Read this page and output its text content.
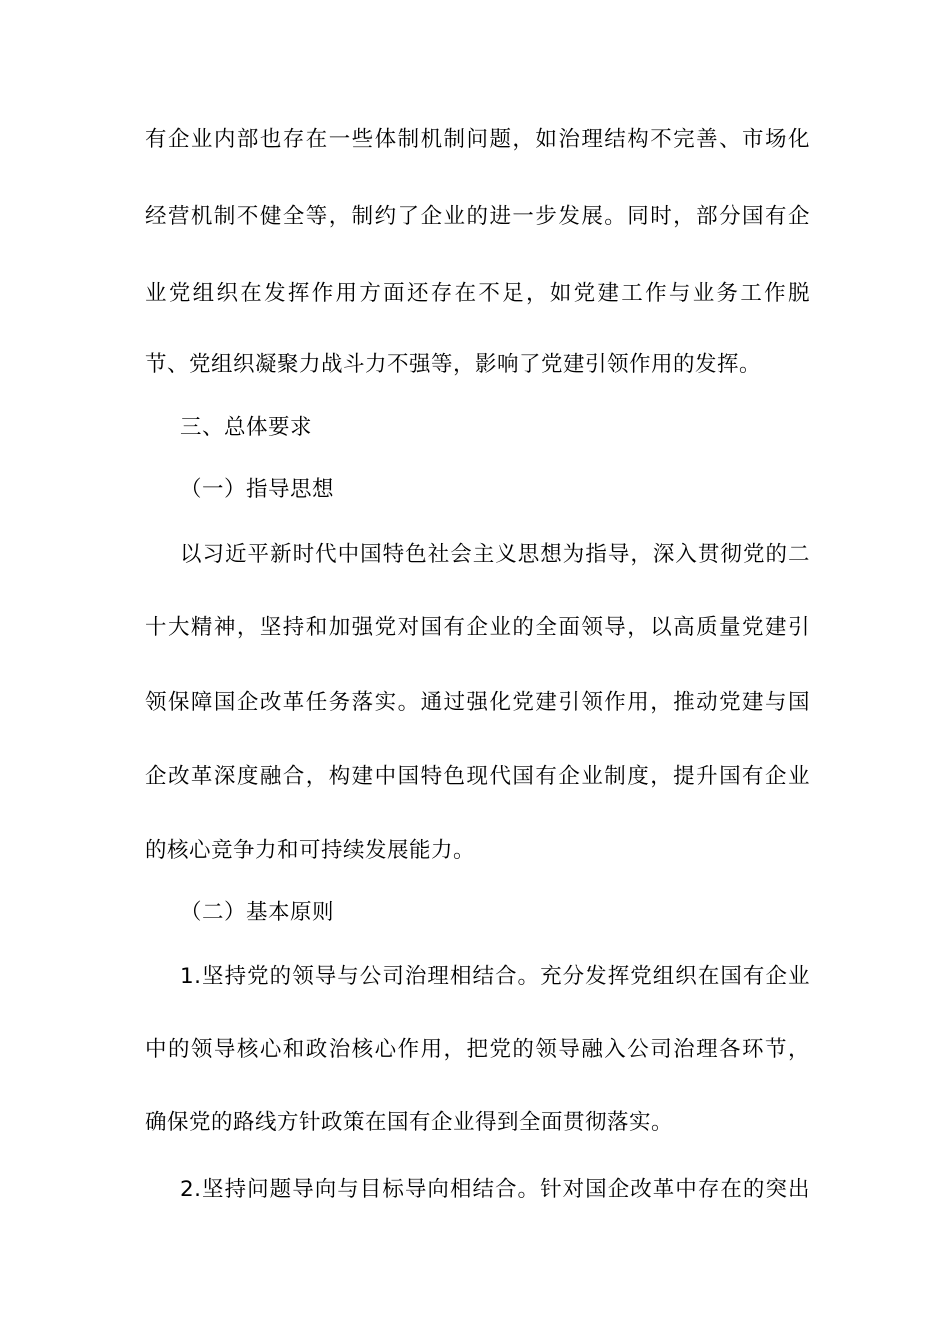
有企业内部也存在一些体制机制问题，如治理结构不完善、市场化
经营机制不健全等，制约了企业的进一步发展。同时，部分国有企
业党组织在发挥作用方面还存在不足，如党建工作与业务工作脱
节、党组织凝聚力战斗力不强等，影响了党建引领作用的发挥。
三、总体要求
（一）指导思想
以习近平新时代中国特色社会主义思想为指导，深入贯彻党的二
十大精神，坚持和加强党对国有企业的全面领导，以高质量党建引
领保障国企改革任务落实。通过强化党建引领作用，推动党建与国
企改革深度融合，构建中国特色现代国有企业制度，提升国有企业
的核心竞争力和可持续发展能力。
（二）基本原则
1.坚持党的领导与公司治理相结合。充分发挥党组织在国有企业
中的领导核心和政治核心作用，把党的领导融入公司治理各环节，
确保党的路线方针政策在国有企业得到全面贯彻落实。
2.坚持问题导向与目标导向相结合。针对国企改革中存在的突出
